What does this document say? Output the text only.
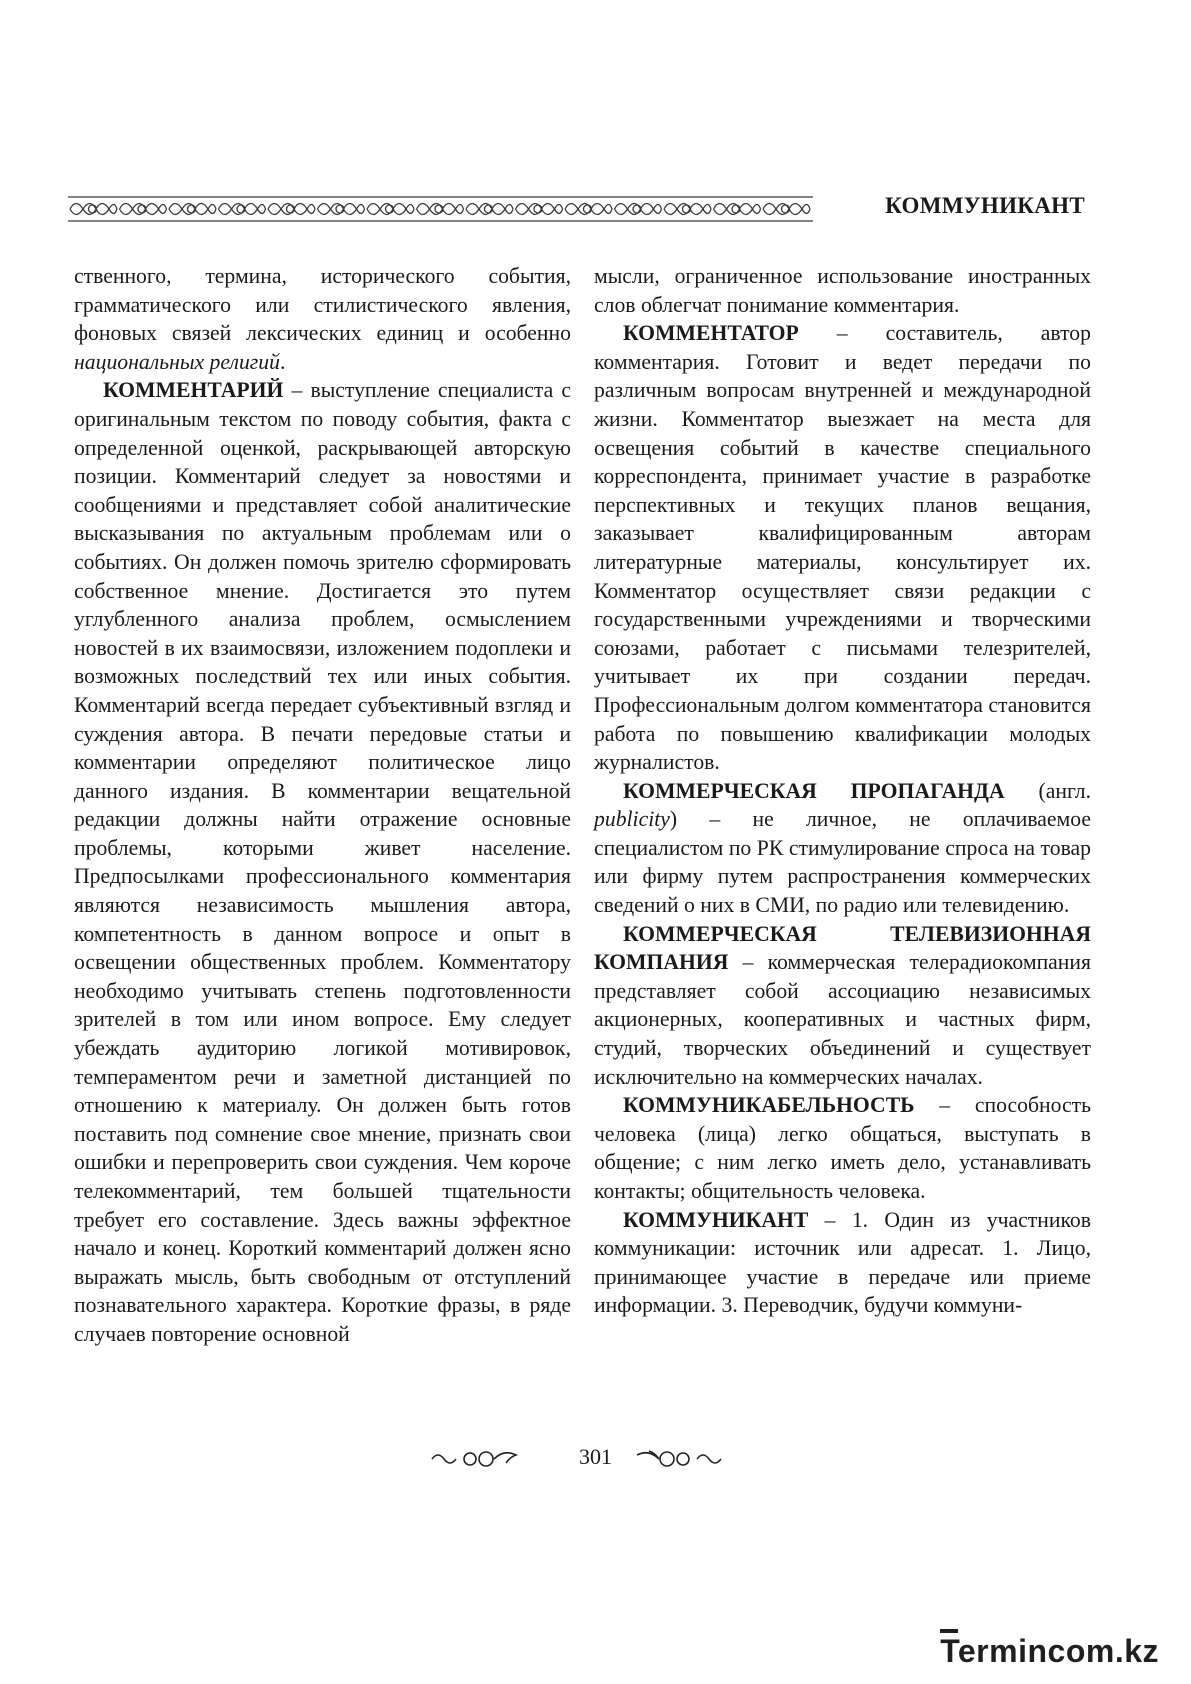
КОММУНИКАНТ

ственного, термина, исторического события, грамматического или стилистического явления, фоновых связей лексических единиц и особенно национальных религий.

КОММЕНТАРИЙ – выступление специалиста с оригинальным текстом по поводу события, факта с определенной оценкой, раскрывающей авторскую позиции. Комментарий следует за новостями и сообщениями и представляет собой аналитические высказывания по актуальным проблемам или о событиях. Он должен помочь зрителю сформировать собственное мнение. Достигается это путем углубленного анализа проблем, осмыслением новостей в их взаимосвязи, изложением подоплеки и возможных последствий тех или иных события. Комментарий всегда передает субъективный взгляд и суждения автора. В печати передовые статьи и комментарии определяют политическое лицо данного издания. В комментарии вещательной редакции должны найти отражение основные проблемы, которыми живет население. Предпосылками профессионального комментария являются независимость мышления автора, компетентность в данном вопросе и опыт в освещении общественных проблем. Комментатору необходимо учитывать степень подготовленности зрителей в том или ином вопросе. Ему следует убеждать аудиторию логикой мотивировок, темпераментом речи и заметной дистанцией по отношению к материалу. Он должен быть готов поставить под сомнение свое мнение, признать свои ошибки и перепроверить свои суждения. Чем короче телекомментарий, тем большей тщательности требует его составление. Здесь важны эффектное начало и конец. Короткий комментарий должен ясно выражать мысль, быть свободным от отступлений познавательного характера. Короткие фразы, в ряде случаев повторение основной

мысли, ограниченное использование иностранных слов облегчат понимание комментария.

КОММЕНТАТОР – составитель, автор комментария. Готовит и ведет передачи по различным вопросам внутренней и международной жизни. Комментатор выезжает на места для освещения событий в качестве специального корреспондента, принимает участие в разработке перспективных и текущих планов вещания, заказывает квалифицированным авторам литературные материалы, консультирует их. Комментатор осуществляет связи редакции с государственными учреждениями и творческими союзами, работает с письмами телезрителей, учитывает их при создании передач. Профессиональным долгом комментатора становится работа по повышению квалификации молодых журналистов.

КОММЕРЧЕСКАЯ ПРОПАГАНДА (англ. publicity) – не личное, не оплачиваемое специалистом по РК стимулирование спроса на товар или фирму путем распространения коммерческих сведений о них в СМИ, по радио или телевидению.

КОММЕРЧЕСКАЯ ТЕЛЕВИЗИОННАЯ КОМПАНИЯ – коммерческая телерадиокомпания представляет собой ассоциацию независимых акционерных, кооперативных и частных фирм, студий, творческих объединений и существует исключительно на коммерческих началах.

КОММУНИКАБЕЛЬНОСТЬ – способность человека (лица) легко общаться, выступать в общение; с ним легко иметь дело, устанавливать контакты; общительность человека.

КОММУНИКАНТ – 1. Один из участников коммуникации: источник или адресат. 1. Лицо, принимающее участие в передаче или приеме информации. 3. Переводчик, будучи коммуни-

301
Termincom.kz
